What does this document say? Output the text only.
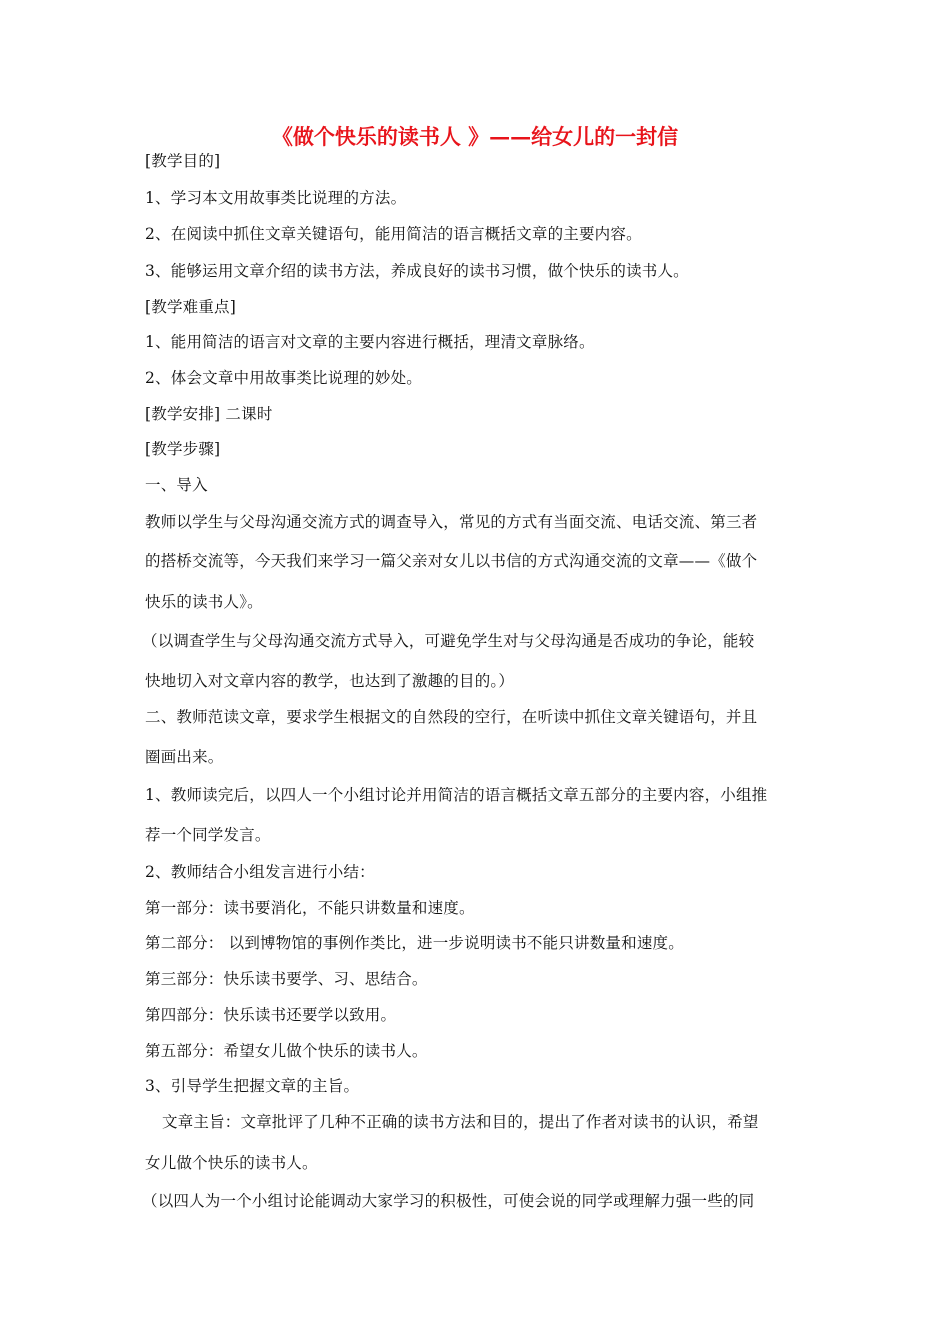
《做个快乐的读书人 》——给女儿的一封信
[教学目的]
1、学习本文用故事类比说理的方法。
2、在阅读中抓住文章关键语句，能用简洁的语言概括文章的主要内容。
3、能够运用文章介绍的读书方法，养成良好的读书习惯，做个快乐的读书人。
[教学难重点]
1、能用简洁的语言对文章的主要内容进行概括，理清文章脉络。
2、体会文章中用故事类比说理的妙处。
[教学安排] 二课时
[教学步骤]
一、导入
教师以学生与父母沟通交流方式的调查导入，常见的方式有当面交流、电话交流、第三者
的搭桥交流等，今天我们来学习一篇父亲对女儿以书信的方式沟通交流的文章——《做个
快乐的读书人》。
（以调查学生与父母沟通交流方式导入，可避免学生对与父母沟通是否成功的争论，能较
快地切入对文章内容的教学，也达到了激趣的目的。）
二、教师范读文章，要求学生根据文的自然段的空行，在听读中抓住文章关键语句，并且
圈画出来。
1、教师读完后，以四人一个小组讨论并用简洁的语言概括文章五部分的主要内容，小组推
荐一个同学发言。
2、教师结合小组发言进行小结：
第一部分：读书要消化，不能只讲数量和速度。
第二部分： 以到博物馆的事例作类比，进一步说明读书不能只讲数量和速度。
第三部分：快乐读书要学、习、思结合。
第四部分：快乐读书还要学以致用。
第五部分：希望女儿做个快乐的读书人。
3、引导学生把握文章的主旨。
文章主旨：文章批评了几种不正确的读书方法和目的，提出了作者对读书的认识，希望
女儿做个快乐的读书人。
（以四人为一个小组讨论能调动大家学习的积极性，可使会说的同学或理解力强一些的同
